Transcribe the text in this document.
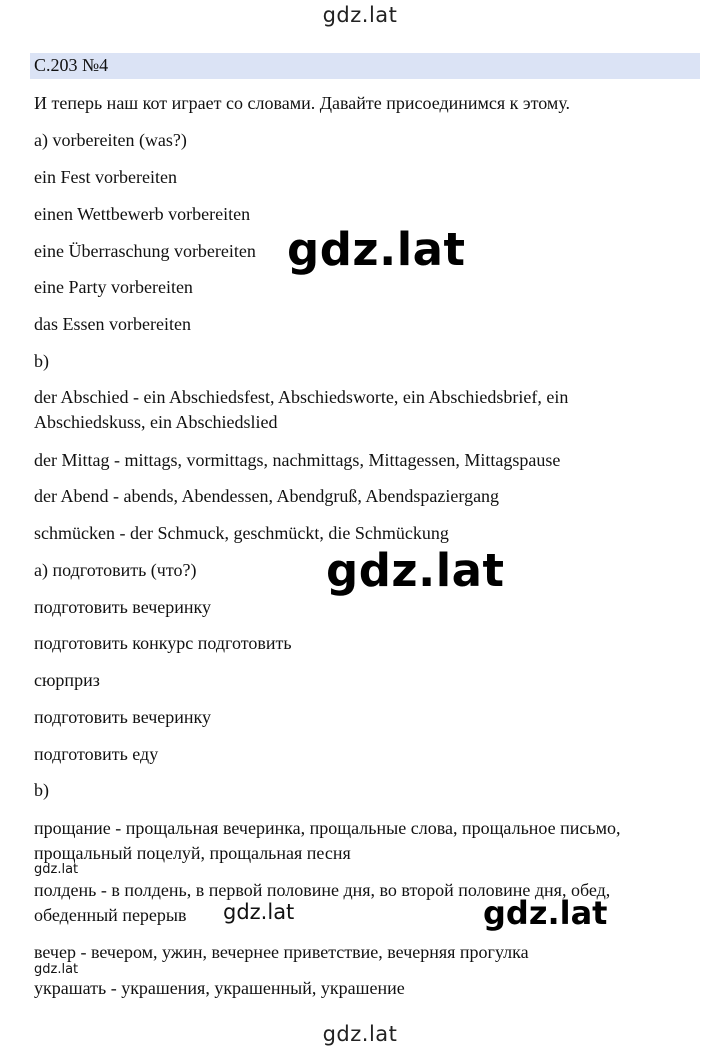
gdz.lat
С.203 №4
И теперь наш кот играет со словами. Давайте присоединимся к этому.
a) vorbereiten (was?)
ein Fest vorbereiten
einen Wettbewerb vorbereiten
eine Überraschung vorbereiten
eine Party vorbereiten
das Essen vorbereiten
b)
der Abschied - ein Abschiedsfest, Abschiedsworte, ein Abschiedsbrief, ein
Abschiedskuss, ein Abschiedslied
der Mittag - mittags, vormittags, nachmittags, Mittagessen, Mittagspause
der Abend - abends, Abendessen, Abendgruß, Abendspaziergang
schmücken - der Schmuck, geschmückt, die Schmückung
a) подготовить (что?)
подготовить вечеринку
подготовить конкурс подготовить
сюрприз
подготовить вечеринку
подготовить еду
b)
прощание - прощальная вечеринка, прощальные слова, прощальное письмо,
прощальный поцелуй, прощальная песня
полдень - в полдень, в первой половине дня, во второй половине дня, обед,
обеденный перерыв
вечер - вечером, ужин, вечернее приветствие, вечерняя прогулка
украшать - украшения, украшенный, украшение
gdz.lat
gdz.lat
gdz.lat
gdz.lat
gdz.lat
gdz.lat
gdz.lat
